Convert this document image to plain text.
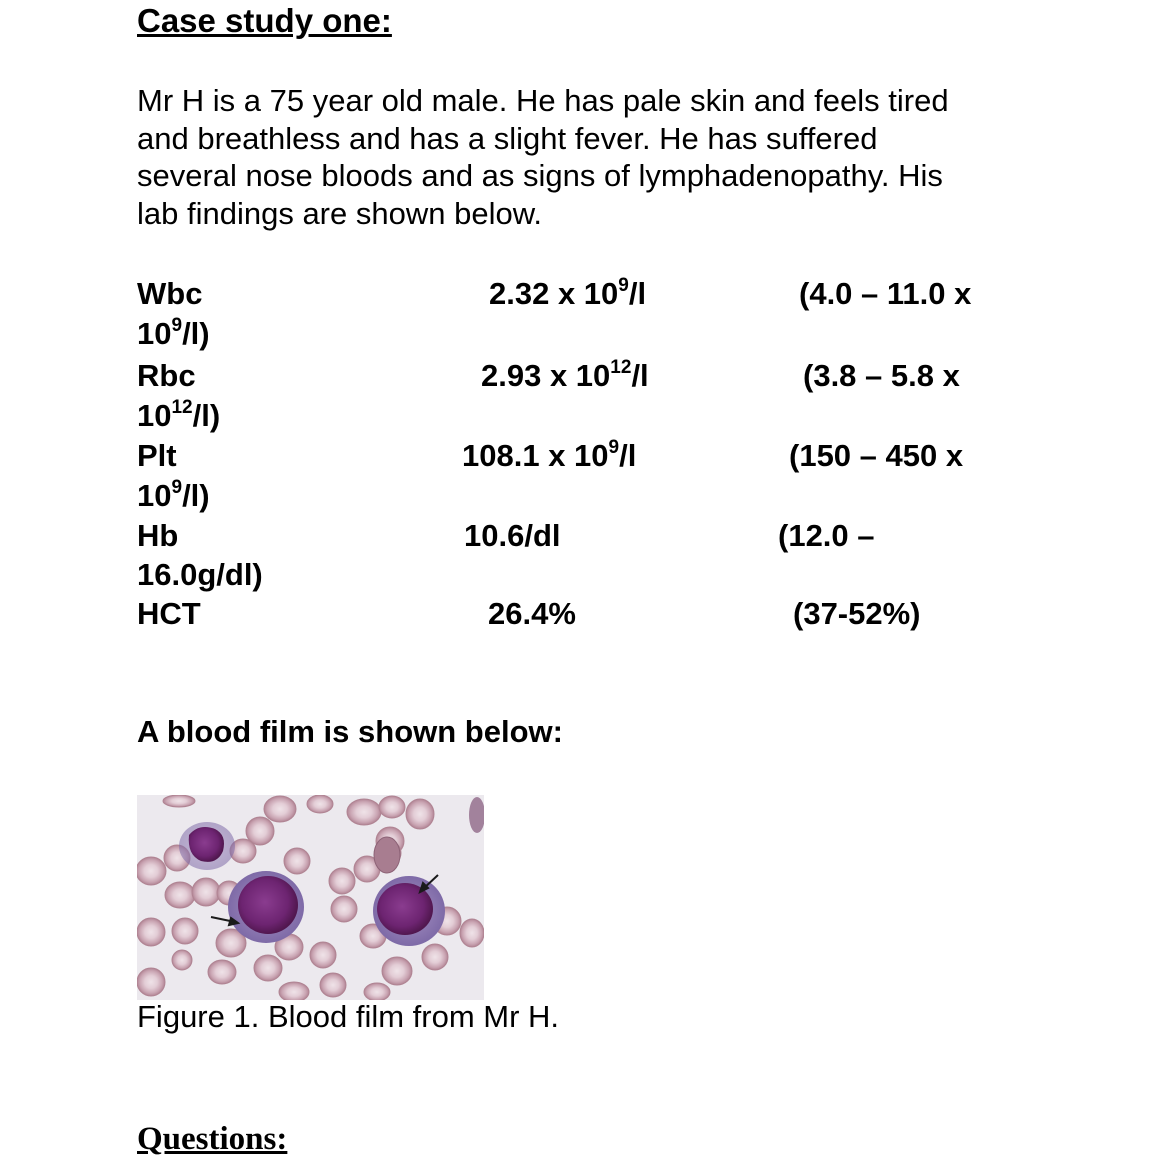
Case study one:
Mr H is a 75 year old male. He has pale skin and feels tired
and breathless and has a slight fever. He has suffered
several nose bloods and as signs of lymphadenopathy. His
lab findings are shown below.
Wbc	2.32 x $10^9/l$	(4.0 – 11.0 x
$10^9/l$)
Rbc	2.93 x $10^{12}/l$	(3.8 – 5.8 x
$10^{12}/l$)
Plt	108.1 x $10^9/l$	(150 – 450 x
$10^9/l$)
Hb	10.6/dl	(12.0 –
16.0g/dl)
HCT	26.4%	(37-52%)
A blood film is shown below:
Figure 1. Blood film from Mr H.
Questions:
